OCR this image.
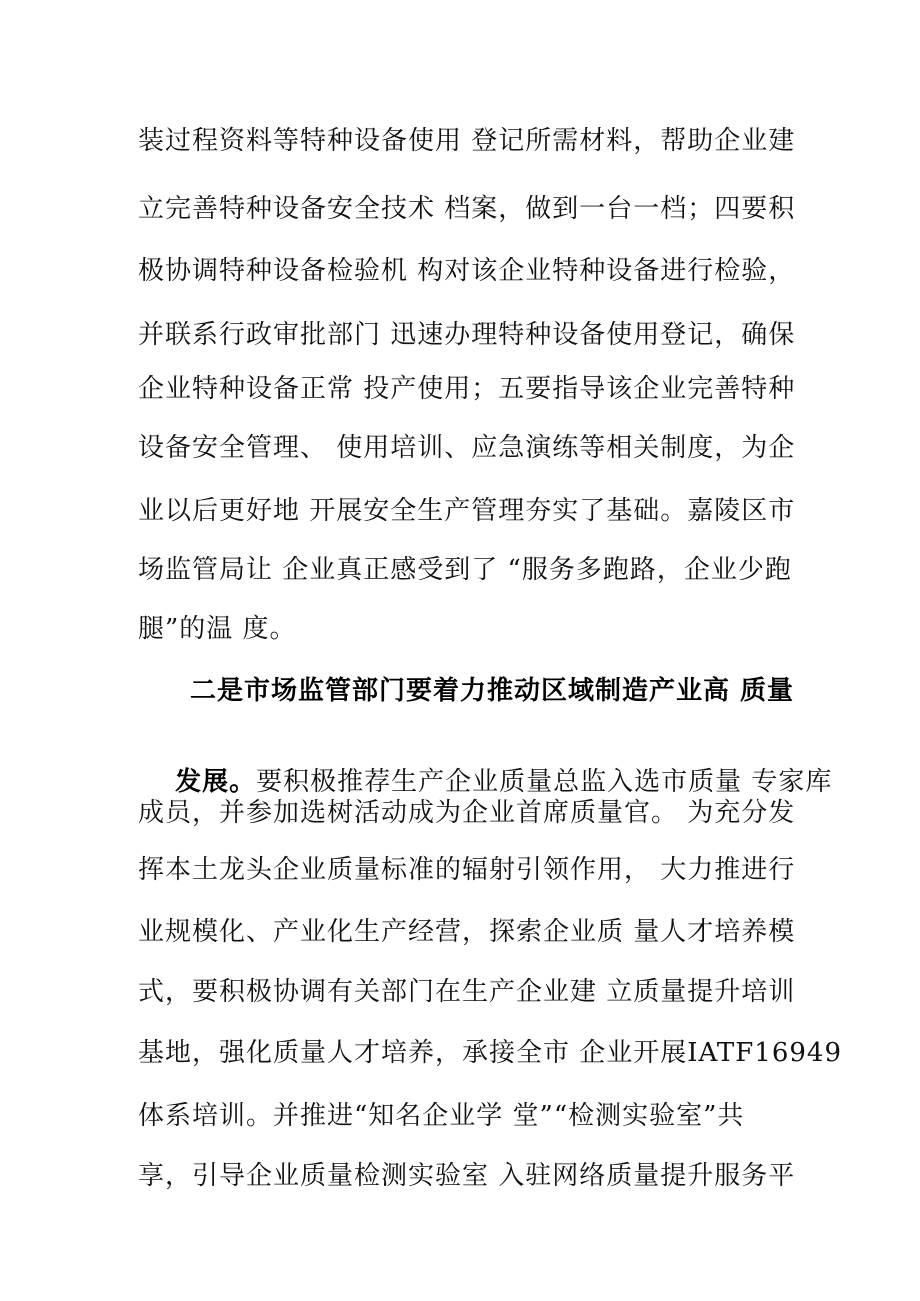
装过程资料等特种设备使用 登记所需材料，帮助企业建
立完善特种设备安全技术 档案，做到一台一档；四要积
极协调特种设备检验机 构对该企业特种设备进行检验，
并联系行政审批部门 迅速办理特种设备使用登记，确保
企业特种设备正常 投产使用；五要指导该企业完善特种
设备安全管理、 使用培训、应急演练等相关制度，为企
业以后更好地 开展安全生产管理夯实了基础。嘉陵区市
场监管局让 企业真正感受到了 “服务多跑路，企业少跑
腿”的温 度。
二是市场监管部门要着力推动区域制造产业高 质量

发展。要积极推荐生产企业质量总监入选市质量 专家库

成员，并参加选树活动成为企业首席质量官。 为充分发
挥本土龙头企业质量标准的辐射引领作用， 大力推进行
业规模化、产业化生产经营，探索企业质 量人才培养模
式，要积极协调有关部门在生产企业建 立质量提升培训
基地，强化质量人才培养，承接全市 企业开展IATF16949
体系培训。并推进“知名企业学 堂”“检测实验室”共
享，引导企业质量检测实验室 入驻网络质量提升服务平
